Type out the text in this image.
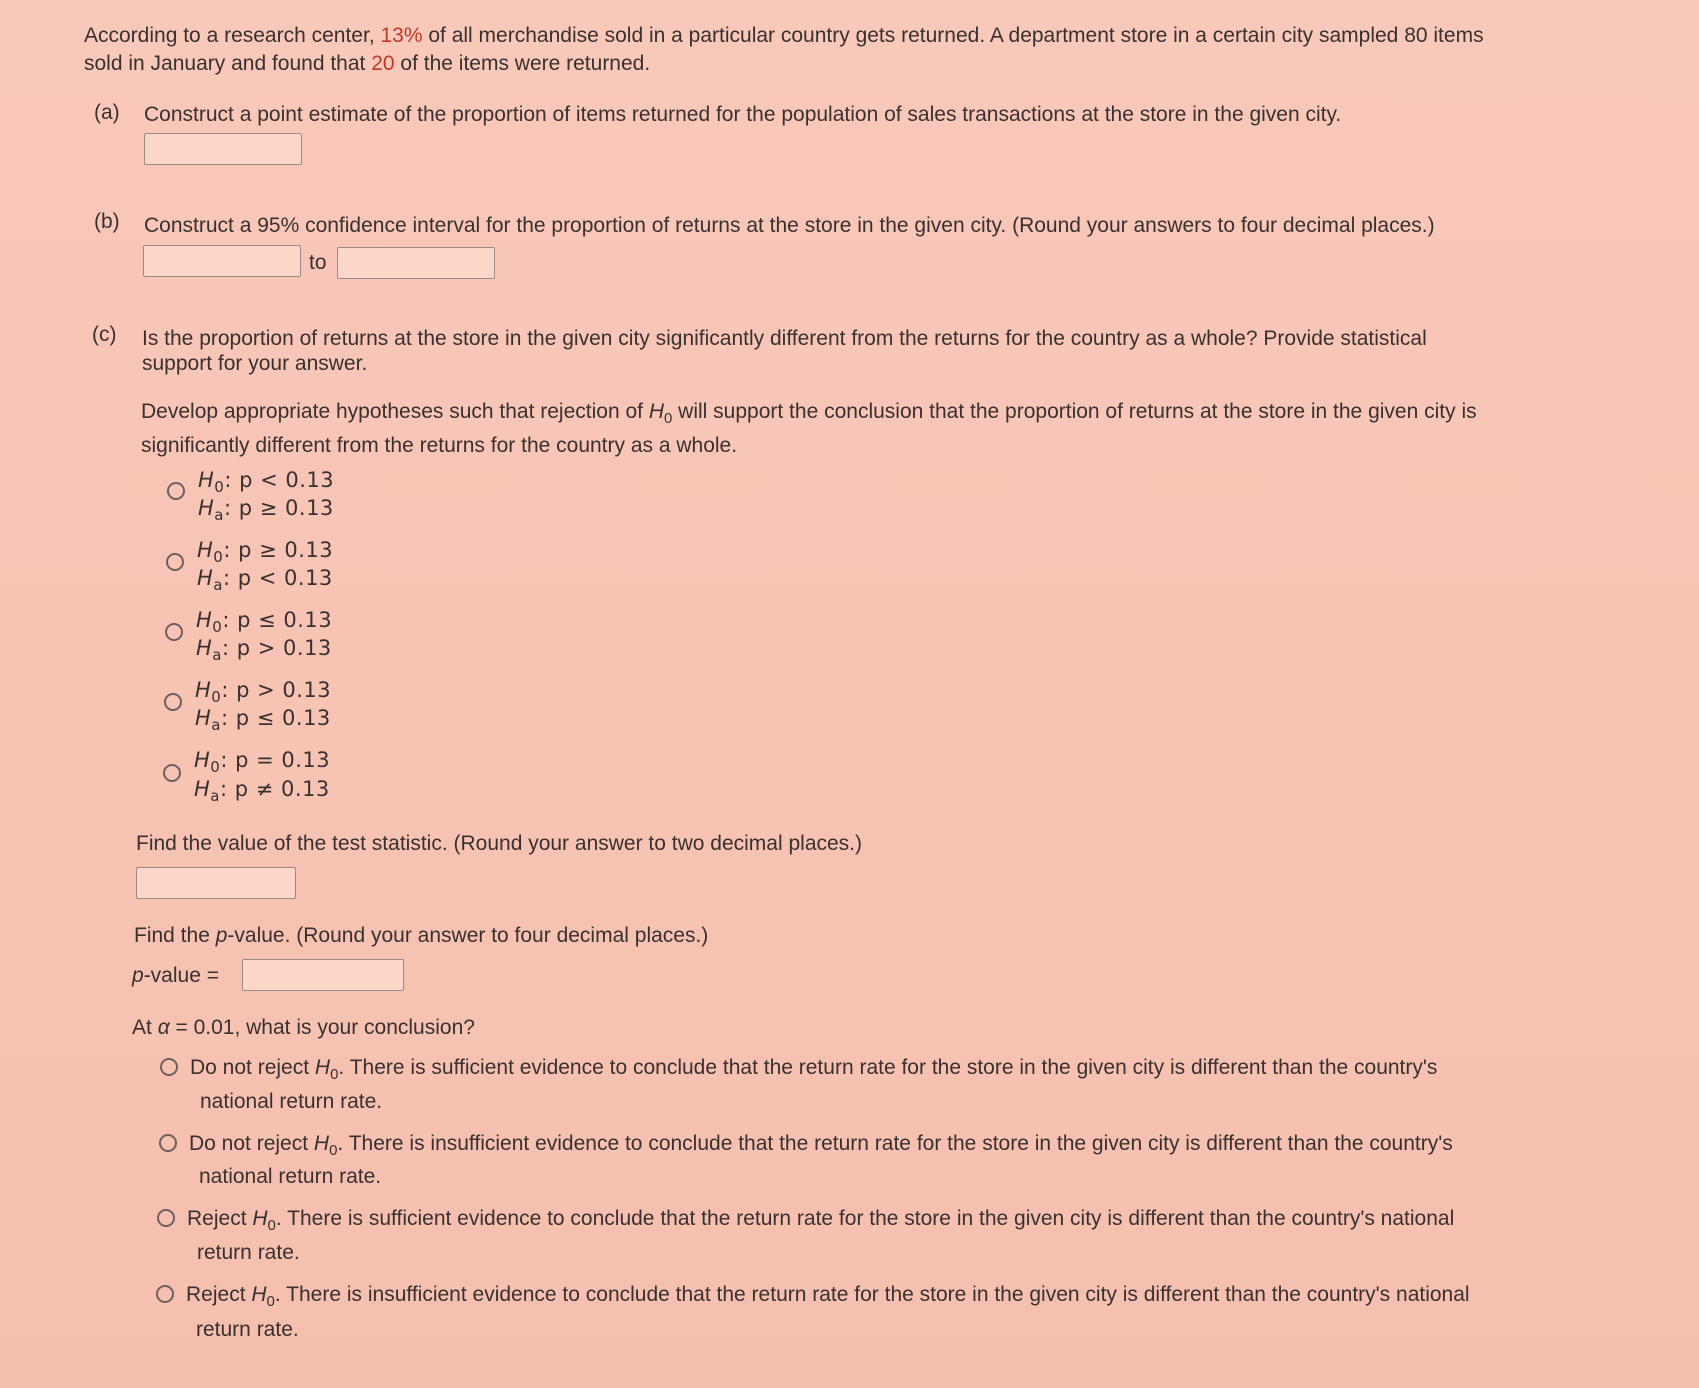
According to a research center, 13% of all merchandise sold in a particular country gets returned. A department store in a certain city sampled 80 items
sold in January and found that 20 of the items were returned.
(a) Construct a point estimate of the proportion of items returned for the population of sales transactions at the store in the given city.
(b) Construct a 95% confidence interval for the proportion of returns at the store in the given city. (Round your answers to four decimal places.)
to
(c) Is the proportion of returns at the store in the given city significantly different from the returns for the country as a whole? Provide statistical
support for your answer.
Develop appropriate hypotheses such that rejection of $H_0$ will support the conclusion that the proportion of returns at the store in the given city is
significantly different from the returns for the country as a whole.
$H_0$: p < 0.13
$H_a$: p ≥ 0.13
$H_0$: p ≥ 0.13
$H_a$: p < 0.13
$H_0$: p ≤ 0.13
$H_a$: p > 0.13
$H_0$: p > 0.13
$H_a$: p ≤ 0.13
$H_0$: p = 0.13
$H_a$: p ≠ 0.13
Find the value of the test statistic. (Round your answer to two decimal places.)
Find the p-value. (Round your answer to four decimal places.)
p-value =
At α = 0.01, what is your conclusion?
Do not reject $H_0$. There is sufficient evidence to conclude that the return rate for the store in the given city is different than the country's
national return rate.
Do not reject $H_0$. There is insufficient evidence to conclude that the return rate for the store in the given city is different than the country's
national return rate.
Reject $H_0$. There is sufficient evidence to conclude that the return rate for the store in the given city is different than the country's national
return rate.
Reject $H_0$. There is insufficient evidence to conclude that the return rate for the store in the given city is different than the country's national
return rate.
